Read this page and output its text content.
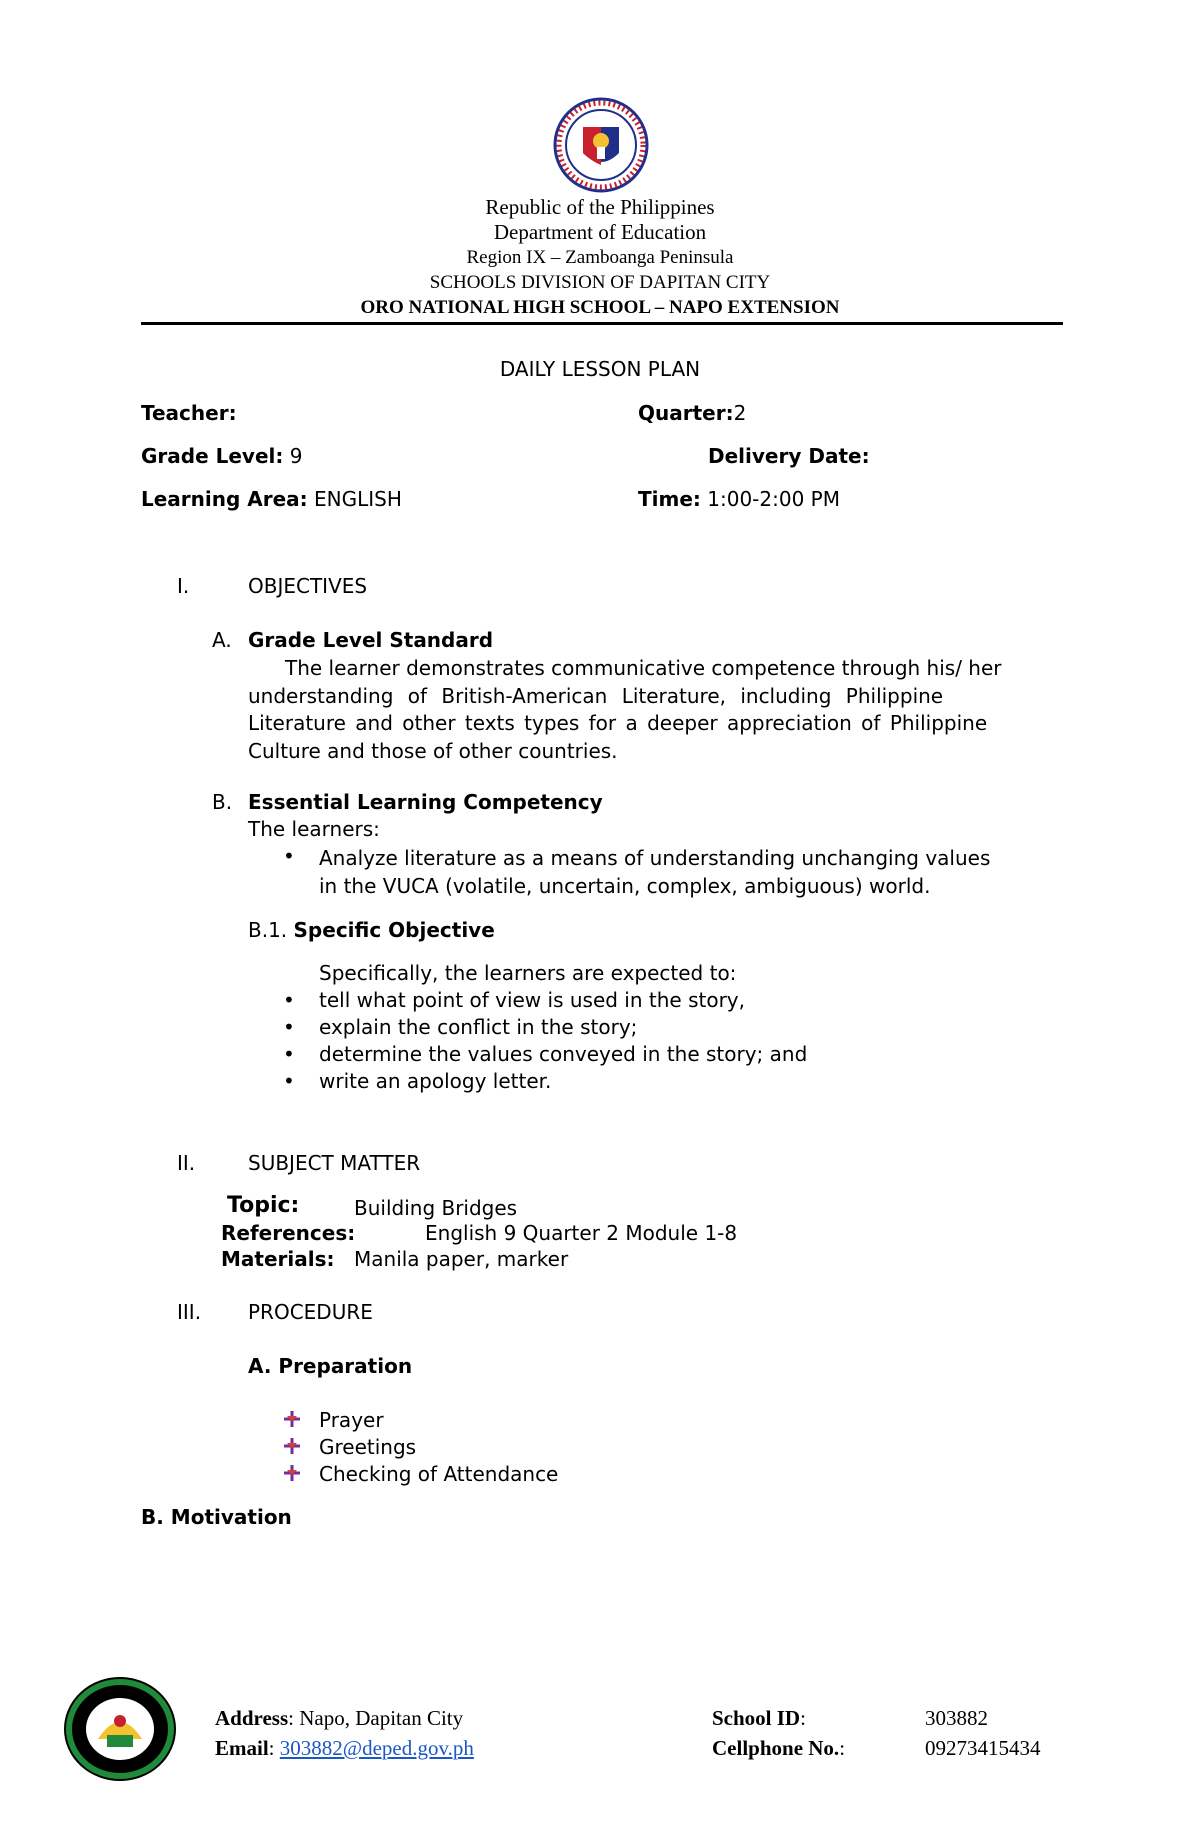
Republic of the Philippines
Department of Education
Region IX – Zamboanga Peninsula
SCHOOLS DIVISION OF DAPITAN CITY
ORO NATIONAL HIGH SCHOOL – NAPO EXTENSION
DAILY LESSON PLAN
Teacher:	Quarter:2
Grade Level: 9	Delivery Date:
Learning Area: ENGLISH	Time: 1:00-2:00 PM
I.	OBJECTIVES
A. Grade Level Standard
The learner demonstrates communicative competence through his/ her
understanding of British-American Literature, including Philippine
Literature and other texts types for a deeper appreciation of Philippine
Culture and those of other countries.
B. Essential Learning Competency
The learners:
• Analyze literature as a means of understanding unchanging values
in the VUCA (volatile, uncertain, complex, ambiguous) world.
B.1. Specific Objective
Specifically, the learners are expected to:
• tell what point of view is used in the story,
• explain the conflict in the story;
• determine the values conveyed in the story; and
• write an apology letter.
II.	SUBJECT MATTER
Topic:	Building Bridges
References:	English 9 Quarter 2 Module 1-8
Materials: Manila paper, marker
III. PROCEDURE
A. Preparation
Prayer
Greetings
Checking of Attendance
B. Motivation
Address: Napo, Dapitan City
Email: 303882@deped.gov.ph
School ID:	303882
Cellphone No.:	09273415434
